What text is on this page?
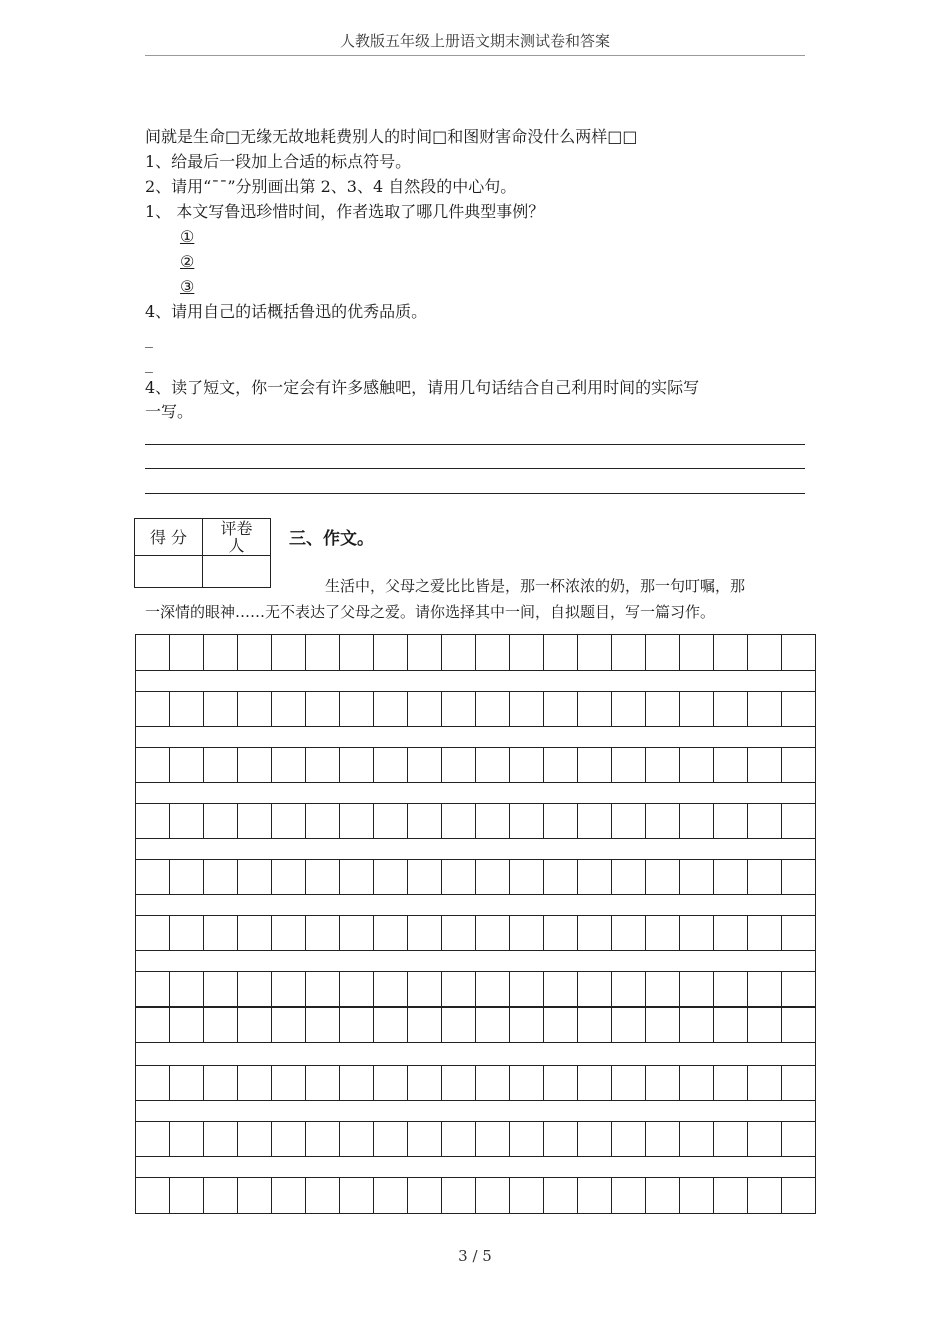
人教版五年级上册语文期末测试卷和答案
间就是生命□无缘无故地耗费别人的时间□和图财害命没什么两样□□
1、给最后一段加上合适的标点符号。
2、请用“ˉˉ”分别画出第 2、3、4 自然段的中心句。
1、 本文写鲁迅珍惜时间，作者选取了哪几件典型事例？
①
②
③
4、请用自己的话概括鲁迅的优秀品质。
_
_
4、读了短文，你一定会有许多感触吧，请用几句话结合自己利用时间的实际写
一写。
得 分	评卷
人
		三、作文。
生活中，父母之爱比比皆是，那一杯浓浓的奶，那一句叮嘱，那
一深情的眼神……无不表达了父母之爱。请你选择其中一间，自拟题目，写一篇习作。
3 / 5
